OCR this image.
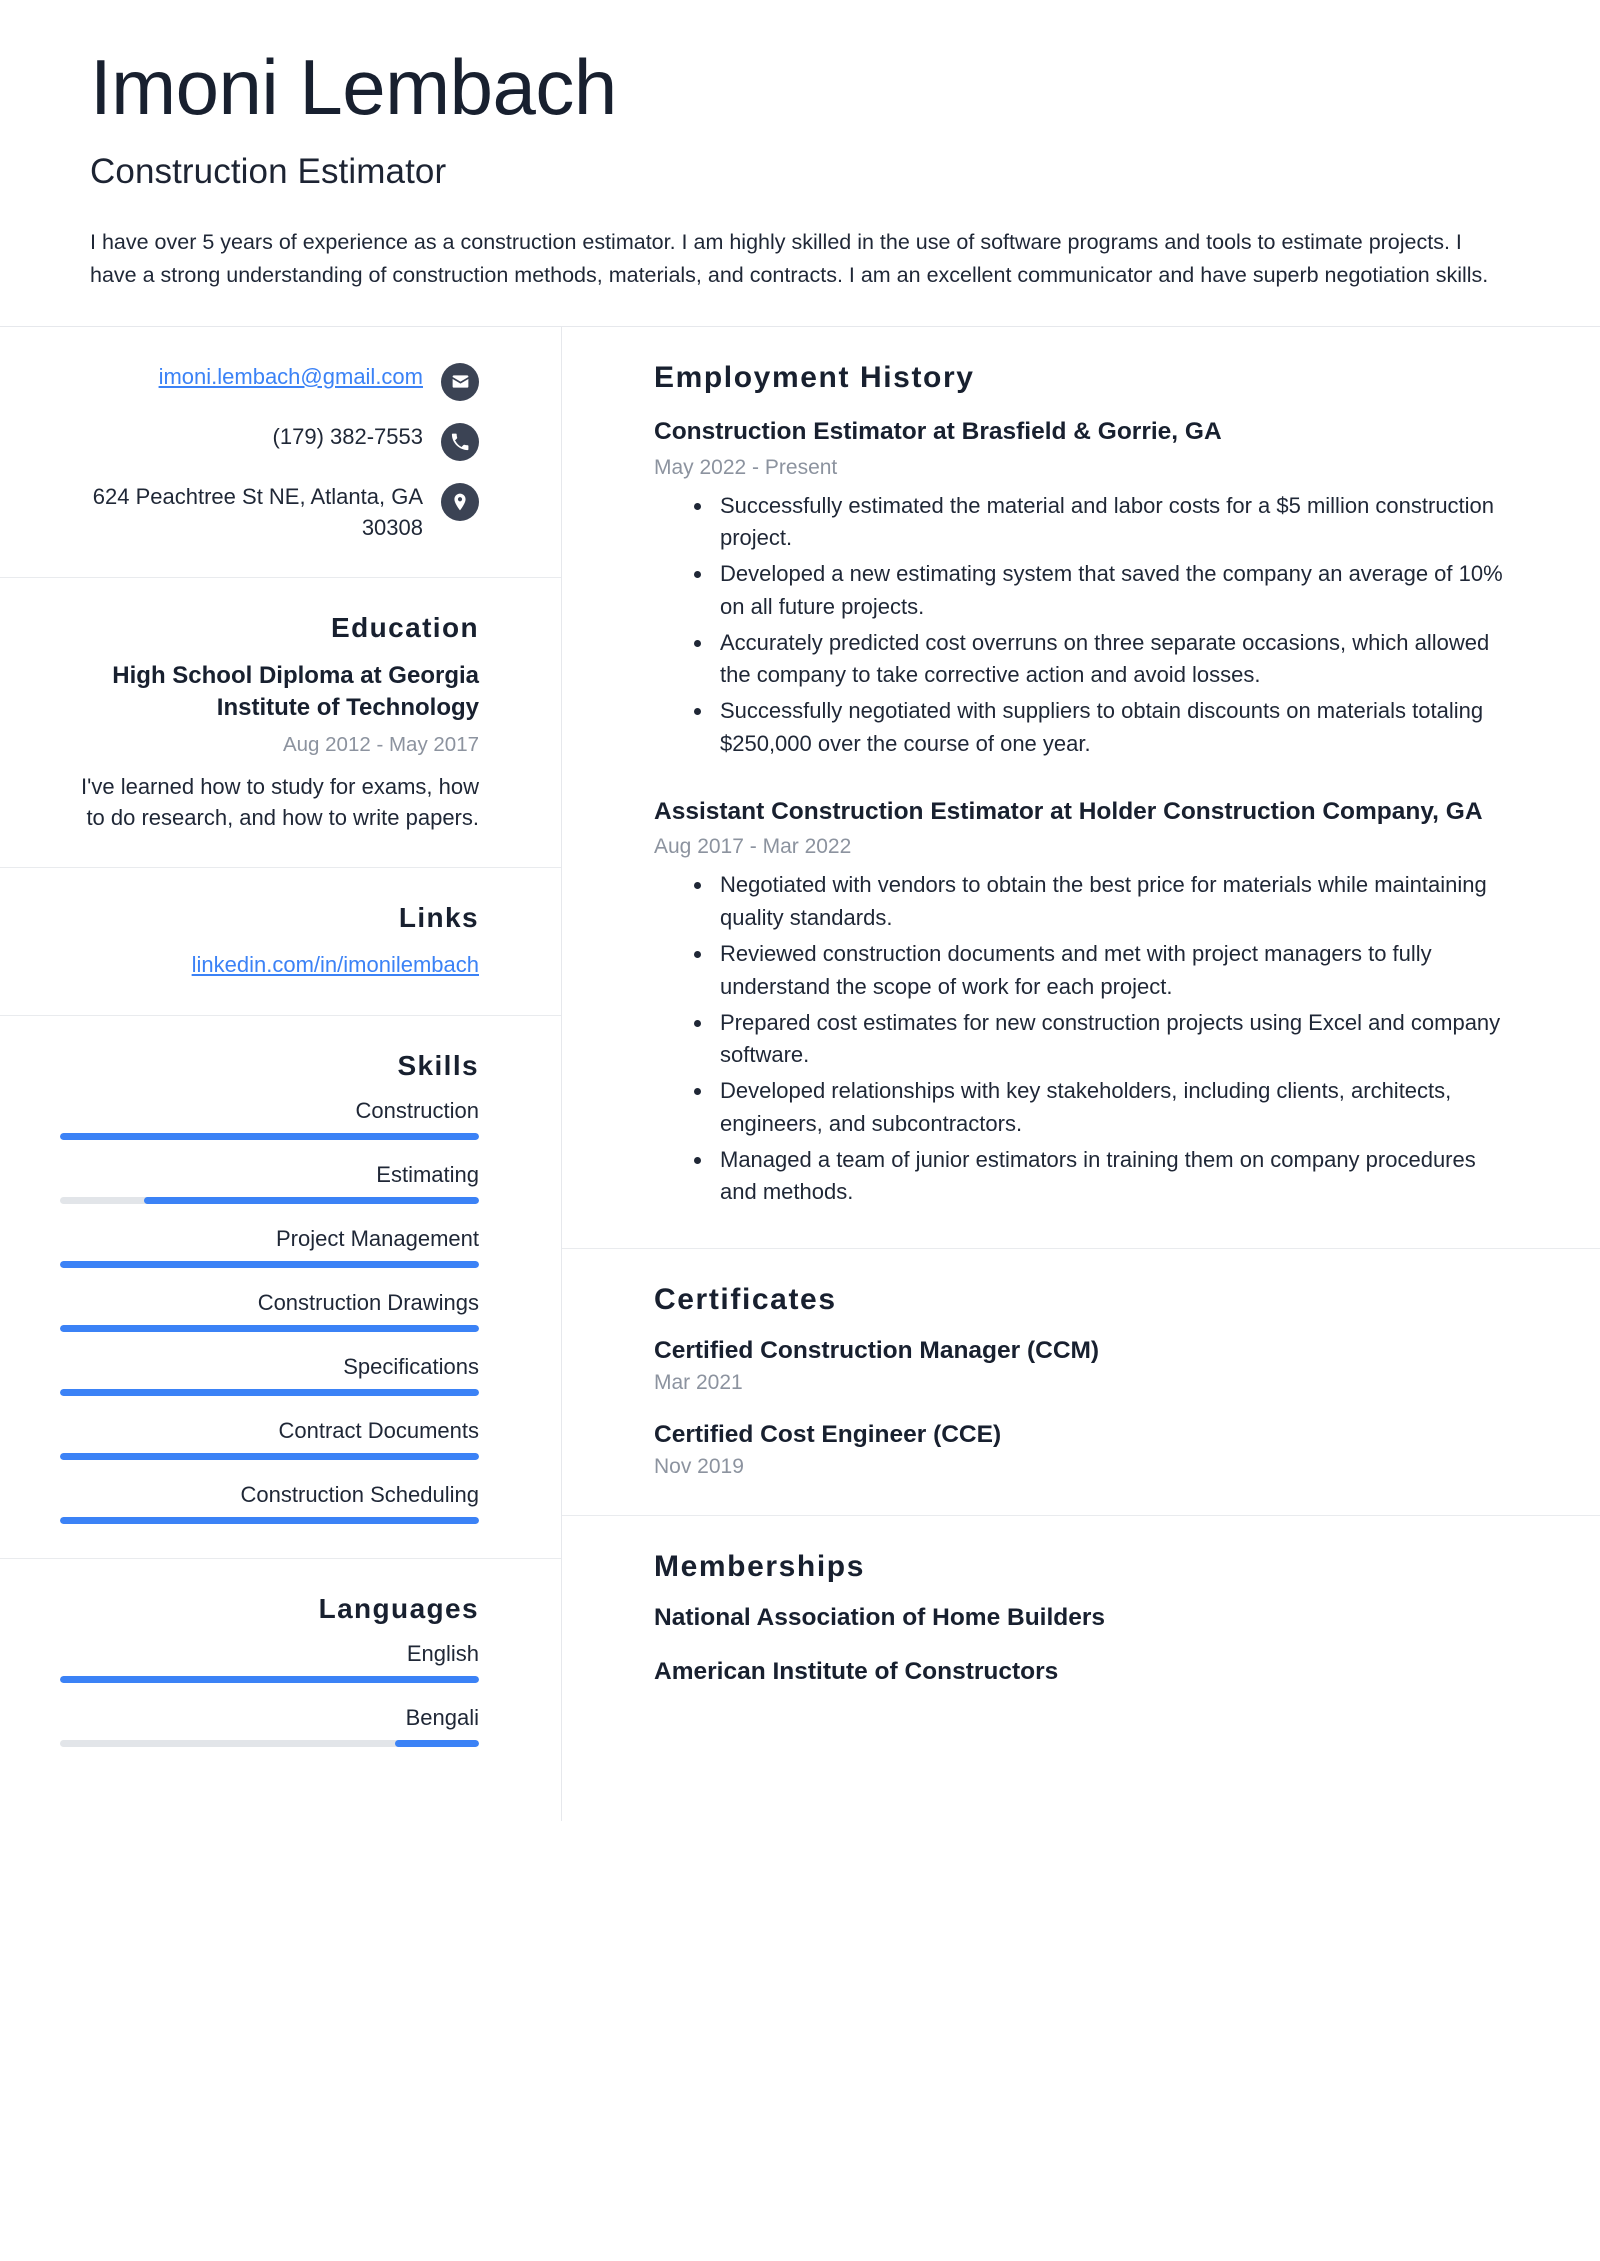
Imoni Lembach
Construction Estimator
I have over 5 years of experience as a construction estimator. I am highly skilled in the use of software programs and tools to estimate projects. I have a strong understanding of construction methods, materials, and contracts. I am an excellent communicator and have superb negotiation skills.
imoni.lembach@gmail.com
(179) 382-7553
624 Peachtree St NE, Atlanta, GA 30308
Education
High School Diploma at Georgia Institute of Technology
Aug 2012 - May 2017
I've learned how to study for exams, how to do research, and how to write papers.
Links
linkedin.com/in/imonilembach
Skills
Construction
Estimating
Project Management
Construction Drawings
Specifications
Contract Documents
Construction Scheduling
Languages
English
Bengali
Employment History
Construction Estimator at Brasfield & Gorrie, GA
May 2022 - Present
Successfully estimated the material and labor costs for a $5 million construction project.
Developed a new estimating system that saved the company an average of 10% on all future projects.
Accurately predicted cost overruns on three separate occasions, which allowed the company to take corrective action and avoid losses.
Successfully negotiated with suppliers to obtain discounts on materials totaling $250,000 over the course of one year.
Assistant Construction Estimator at Holder Construction Company, GA
Aug 2017 - Mar 2022
Negotiated with vendors to obtain the best price for materials while maintaining quality standards.
Reviewed construction documents and met with project managers to fully understand the scope of work for each project.
Prepared cost estimates for new construction projects using Excel and company software.
Developed relationships with key stakeholders, including clients, architects, engineers, and subcontractors.
Managed a team of junior estimators in training them on company procedures and methods.
Certificates
Certified Construction Manager (CCM)
Mar 2021
Certified Cost Engineer (CCE)
Nov 2019
Memberships
National Association of Home Builders
American Institute of Constructors
